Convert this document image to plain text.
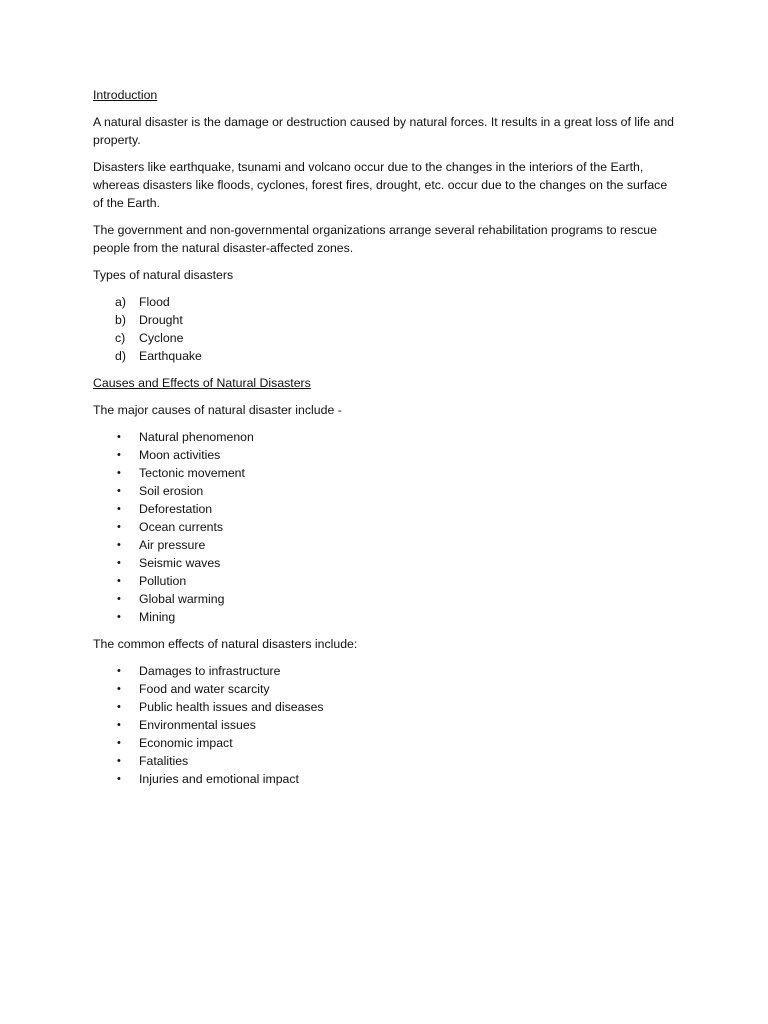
Introduction

A natural disaster is the damage or destruction caused by natural forces. It results in a great loss of life and property.

Disasters like earthquake, tsunami and volcano occur due to the changes in the interiors of the Earth, whereas disasters like floods, cyclones, forest fires, drought, etc. occur due to the changes on the surface of the Earth.

The government and non-governmental organizations arrange several rehabilitation programs to rescue people from the natural disaster-affected zones.

Types of natural disasters

a) Flood
b) Drought
c) Cyclone
d) Earthquake
Causes and Effects of Natural Disasters

The major causes of natural disaster include -

• Natural phenomenon
• Moon activities
• Tectonic movement
• Soil erosion
• Deforestation
• Ocean currents
• Air pressure
• Seismic waves
• Pollution
• Global warming
• Mining

The common effects of natural disasters include:

• Damages to infrastructure
• Food and water scarcity
• Public health issues and diseases
• Environmental issues
• Economic impact
• Fatalities
• Injuries and emotional impact
